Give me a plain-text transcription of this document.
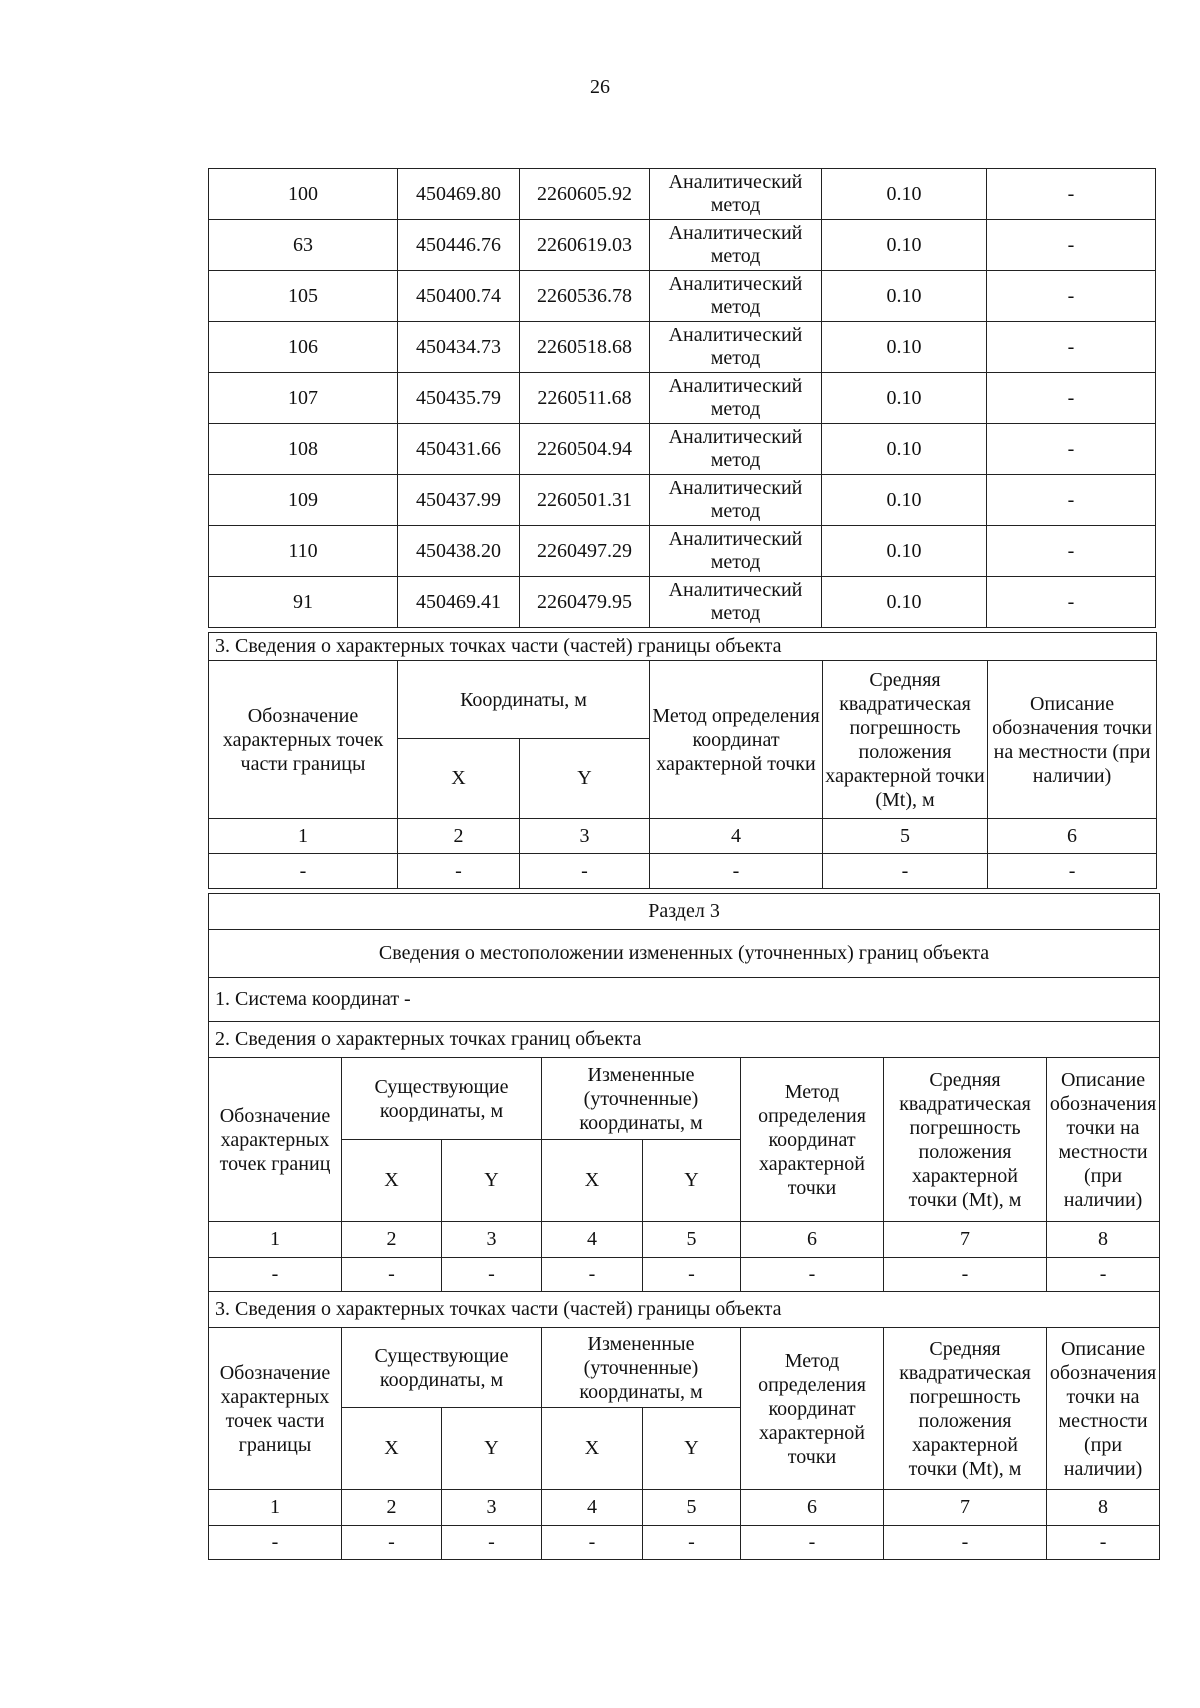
26
100	450469.80	2260605.92	Аналитический метод	0.10	-
63	450446.76	2260619.03	Аналитический метод	0.10	-
105	450400.74	2260536.78	Аналитический метод	0.10	-
106	450434.73	2260518.68	Аналитический метод	0.10	-
107	450435.79	2260511.68	Аналитический метод	0.10	-
108	450431.66	2260504.94	Аналитический метод	0.10	-
109	450437.99	2260501.31	Аналитический метод	0.10	-
110	450438.20	2260497.29	Аналитический метод	0.10	-
91	450469.41	2260479.95	Аналитический метод	0.10	-
3. Сведения о характерных точках части (частей) границы объекта					
Обозначение характерных точек части границы	Координаты, м		Метод определения координат характерной точки	Средняя квадратическая погрешность положения характерной точки (Mt), м	Описание обозначения точки на местности (при наличии)
	X	Y			
1	2	3	4	5	6
-	-	-	-	-	-
Раздел 3							
Сведения о местоположении измененных (уточненных) границ объекта							
1. Система координат -							
2. Сведения о характерных точках границ объекта							
Обозначение характерных точек границ	Существующие координаты, м		Измененные (уточненные) координаты, м		Метод определения координат характерной точки	Средняя квадратическая погрешность положения характерной точки (Mt), м	Описание обозначения точки на местности (при наличии)
	X	Y	X	Y			
1	2	3	4	5	6	7	8
-	-	-	-	-	-	-	-
3. Сведения о характерных точках части (частей) границы объекта							
Обозначение характерных точек части границы	Существующие координаты, м		Измененные (уточненные) координаты, м		Метод определения координат характерной точки	Средняя квадратическая погрешность положения характерной точки (Mt), м	Описание обозначения точки на местности (при наличии)
	X	Y	X	Y			
1	2	3	4	5	6	7	8
-	-	-	-	-	-	-	-
